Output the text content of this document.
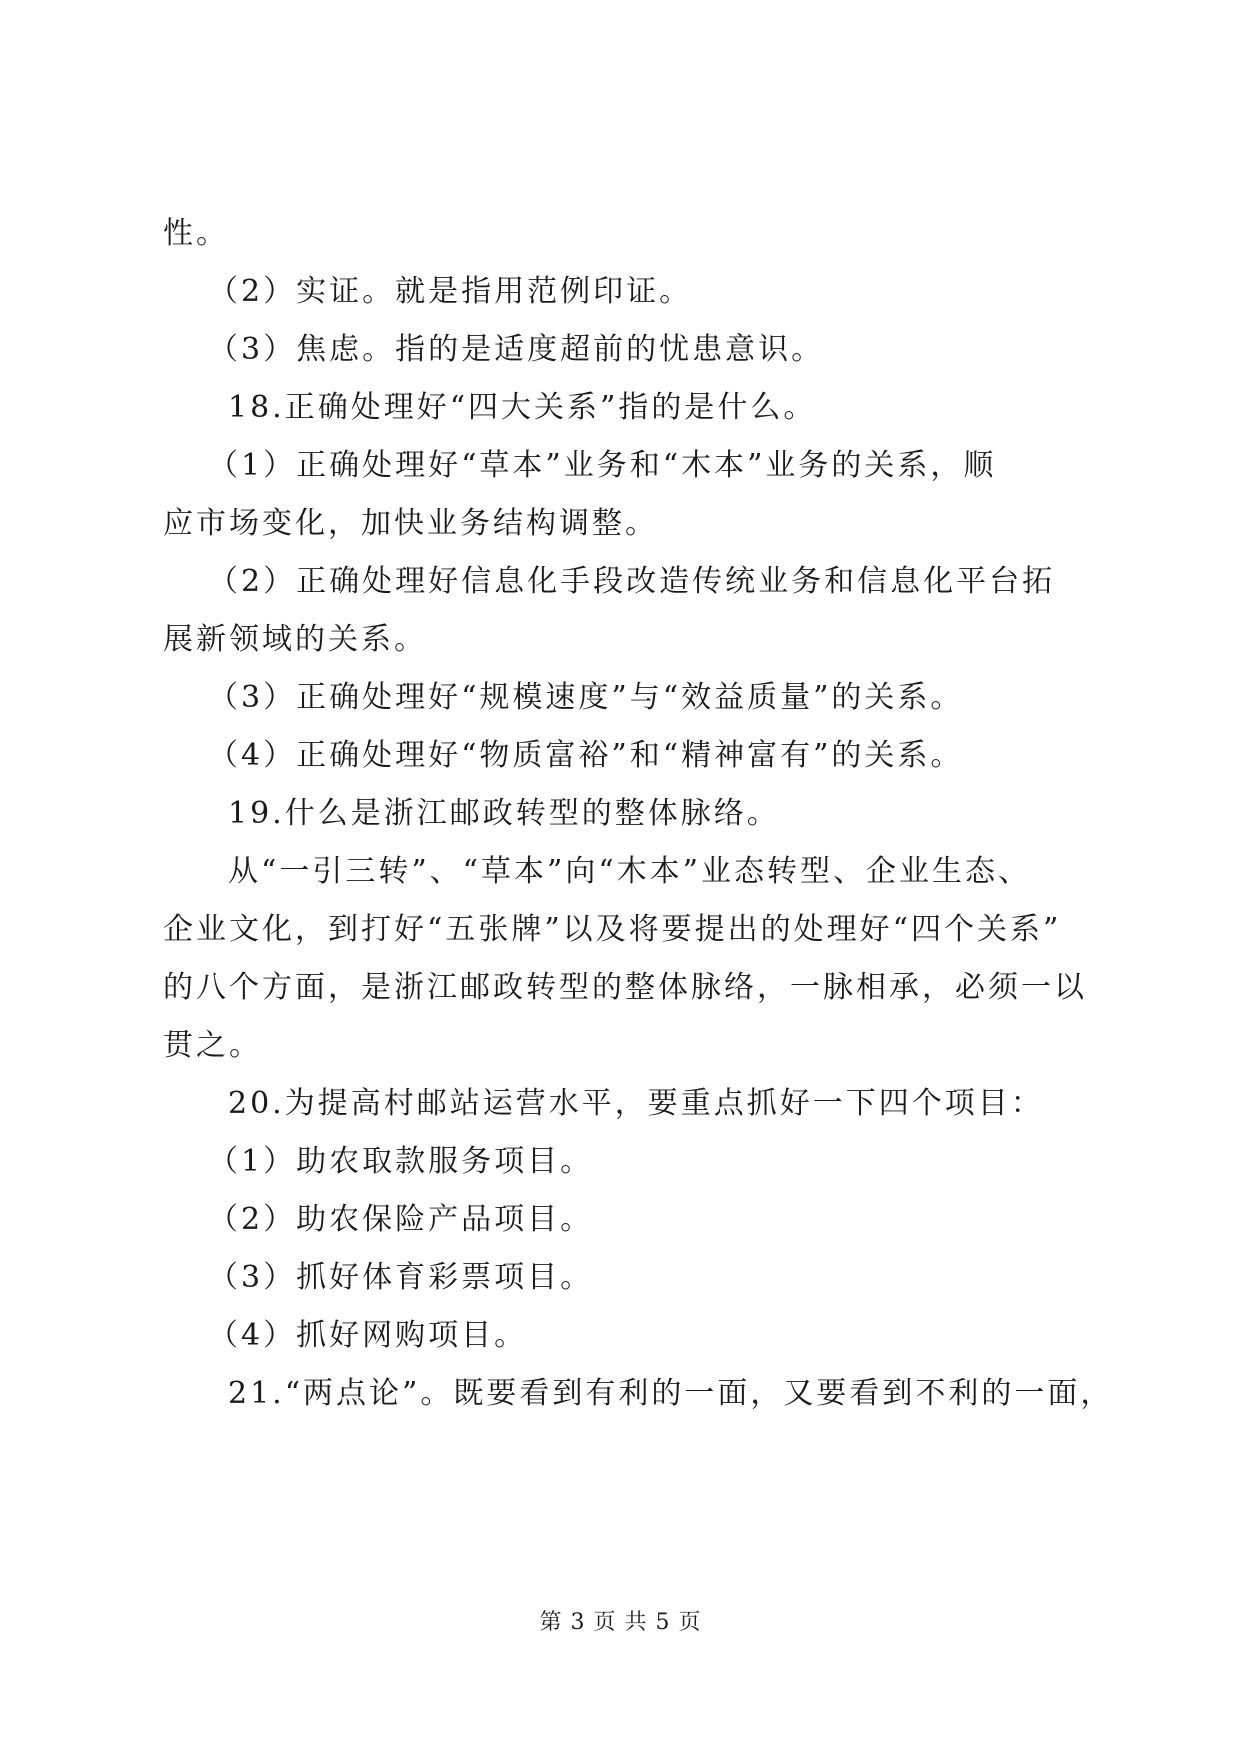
性。
（2）实证。就是指用范例印证。
（3）焦虑。指的是适度超前的忧患意识。
18.正确处理好“四大关系”指的是什么。
（1）正确处理好“草本”业务和“木本”业务的关系，顺
应市场变化，加快业务结构调整。
（2）正确处理好信息化手段改造传统业务和信息化平台拓
展新领域的关系。
（3）正确处理好“规模速度”与“效益质量”的关系。
（4）正确处理好“物质富裕”和“精神富有”的关系。
19.什么是浙江邮政转型的整体脉络。
从“一引三转”、“草本”向“木本”业态转型、企业生态、
企业文化，到打好“五张牌”以及将要提出的处理好“四个关系”
的八个方面，是浙江邮政转型的整体脉络，一脉相承，必须一以
贯之。
20.为提高村邮站运营水平，要重点抓好一下四个项目：
（1）助农取款服务项目。
（2）助农保险产品项目。
（3）抓好体育彩票项目。
（4）抓好网购项目。
21.“两点论”。既要看到有利的一面，又要看到不利的一面，
第 3 页 共 5 页
